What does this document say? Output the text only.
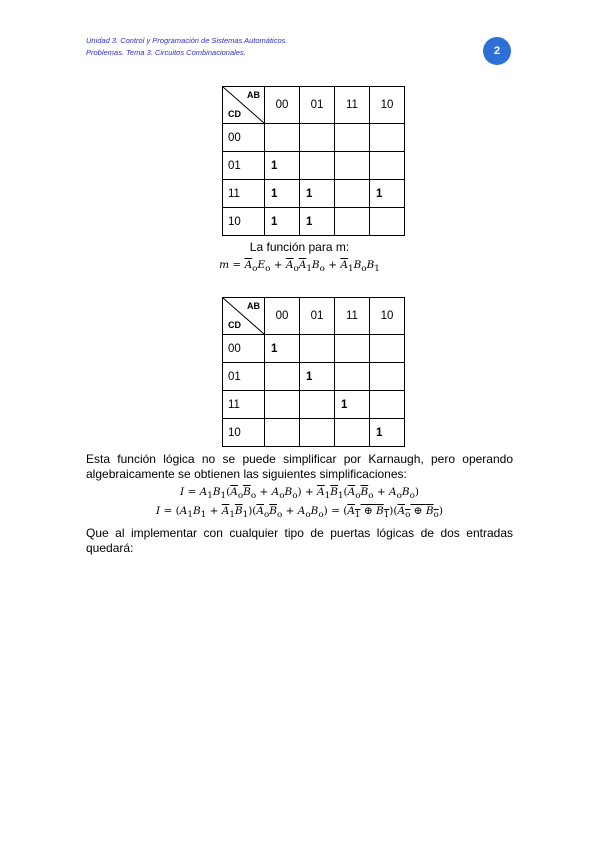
Unidad 3. Control y Programación de Sistemas Automáticos.
Problemas. Tema 3. Circuitos Combinacionales.	2
AB
CD	00	01	11	10
00				
01	1			
11	1	1		1
10	1	1		
La función para m:
$m = \overline{A}_oE_o + \overline{A}_o\overline{A}_1B_o + \overline{A}_1B_oB_1$
AB
CD	00	01	11	10
00	1			
01		1		
11			1	
10				1
Esta función lógica no se puede simplificar por Karnaugh, pero operando algebraicamente se obtienen las siguientes simplificaciones:
$I = A_1B_1(\overline{A}_o\overline{B}_o + A_oB_o) + \overline{A}_1\overline{B}_1(\overline{A}_o\overline{B}_o + A_oB_o)$
$I = (A_1B_1 + \overline{A}_1\overline{B}_1)(\overline{A}_o\overline{B}_o + A_oB_o) = (A_1$ ⊕ $B_1)(A_o$ ⊕ $B_o$)
Que al implementar con cualquier tipo de puertas lógicas de dos entradas quedará:
